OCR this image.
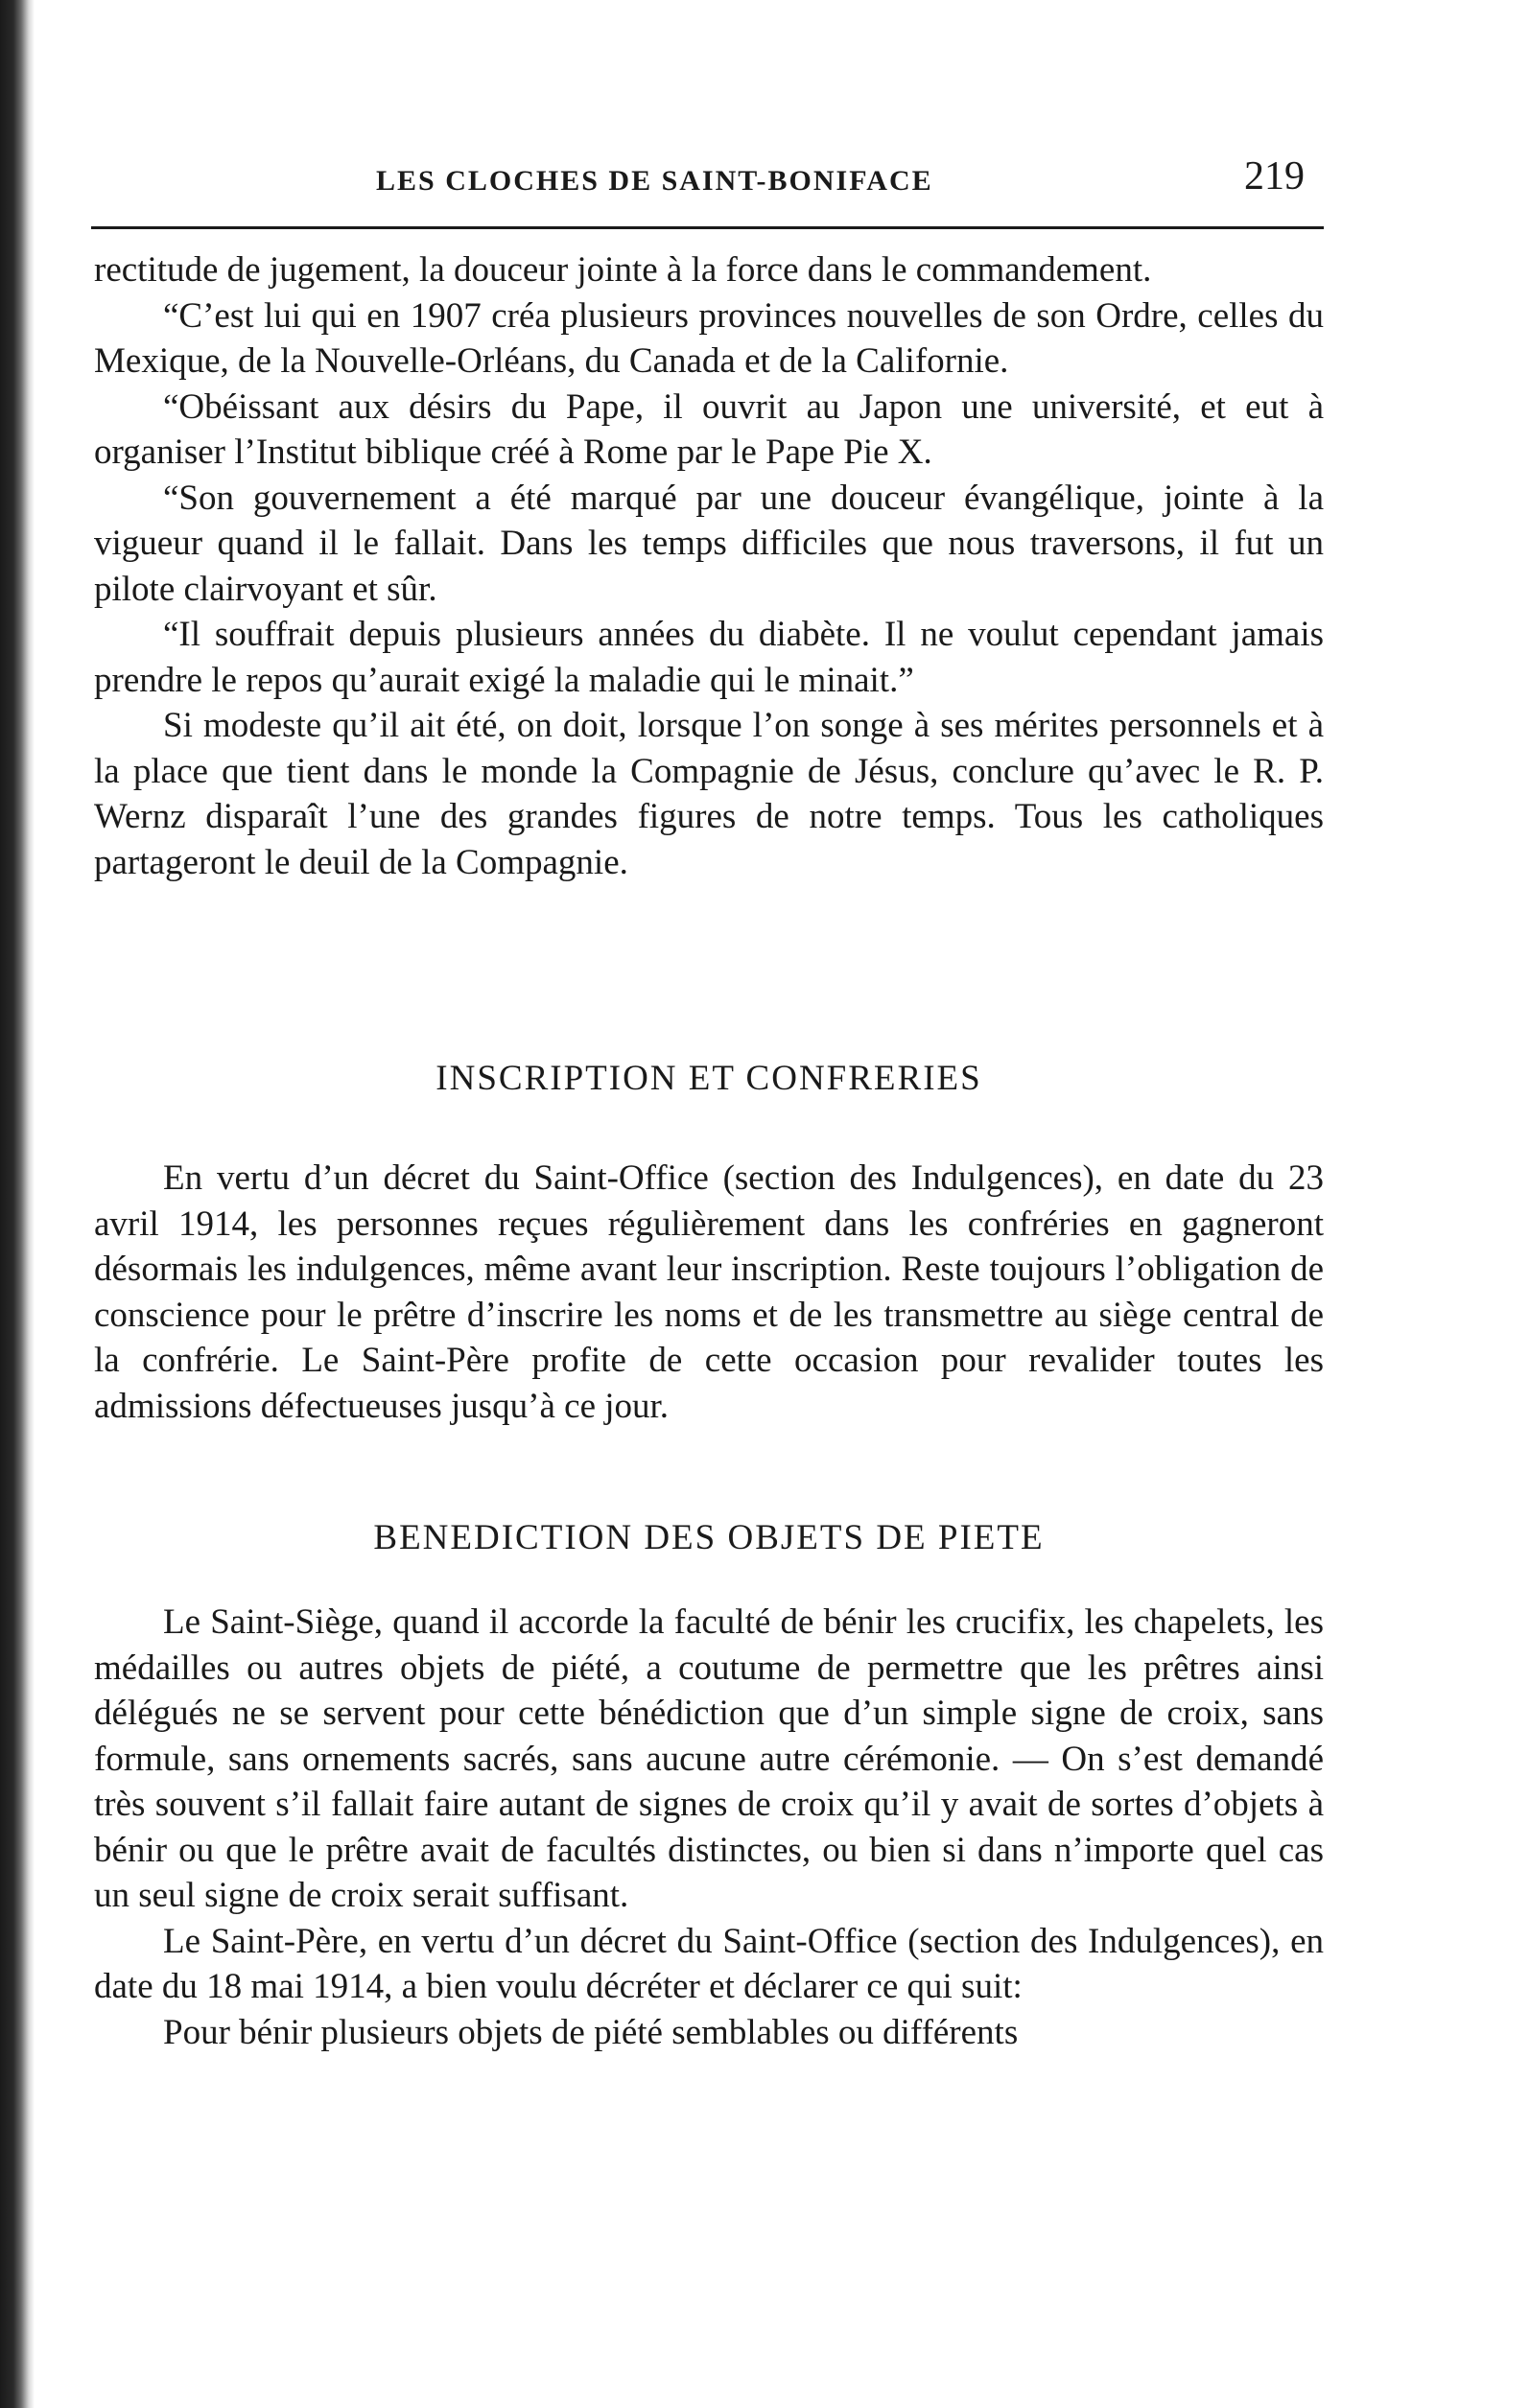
LES CLOCHES DE SAINT-BONIFACE	219

rectitude de jugement, la douceur jointe à la force dans le commandement.

“C’est lui qui en 1907 créa plusieurs provinces nouvelles de son Ordre, celles du Mexique, de la Nouvelle-Orléans, du Canada et de la Californie.

“Obéissant aux désirs du Pape, il ouvrit au Japon une université, et eut à organiser l’Institut biblique créé à Rome par le Pape Pie X.

“Son gouvernement a été marqué par une douceur évangélique, jointe à la vigueur quand il le fallait. Dans les temps difficiles que nous traversons, il fut un pilote clairvoyant et sûr.

“Il souffrait depuis plusieurs années du diabète. Il ne voulut cependant jamais prendre le repos qu’aurait exigé la maladie qui le minait.”

Si modeste qu’il ait été, on doit, lorsque l’on songe à ses mérites personnels et à la place que tient dans le monde la Compagnie de Jésus, conclure qu’avec le R. P. Wernz disparaît l’une des grandes figures de notre temps. Tous les catholiques partageront le deuil de la Compagnie.

INSCRIPTION ET CONFRERIES

En vertu d’un décret du Saint-Office (section des Indulgences), en date du 23 avril 1914, les personnes reçues régulièrement dans les confréries en gagneront désormais les indulgences, même avant leur inscription. Reste toujours l’obligation de conscience pour le prêtre d’inscrire les noms et de les transmettre au siège central de la confrérie. Le Saint-Père profite de cette occasion pour revalider toutes les admissions défectueuses jusqu’à ce jour.

BENEDICTION DES OBJETS DE PIETE

Le Saint-Siège, quand il accorde la faculté de bénir les crucifix, les chapelets, les médailles ou autres objets de piété, a coutume de permettre que les prêtres ainsi délégués ne se servent pour cette bénédiction que d’un simple signe de croix, sans formule, sans ornements sacrés, sans aucune autre cérémonie. — On s’est demandé très souvent s’il fallait faire autant de signes de croix qu’il y avait de sortes d’objets à bénir ou que le prêtre avait de facultés distinctes, ou bien si dans n’importe quel cas un seul signe de croix serait suffisant.

Le Saint-Père, en vertu d’un décret du Saint-Office (section des Indulgences), en date du 18 mai 1914, a bien voulu décréter et déclarer ce qui suit:

Pour bénir plusieurs objets de piété semblables ou différents
